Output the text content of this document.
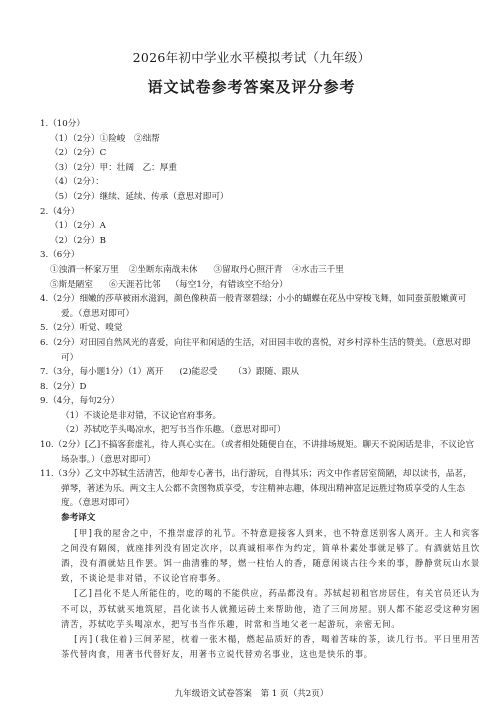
2026年初中学业水平模拟考试（九年级）
语文试卷参考答案及评分参考
1.（10分）
（1）（2分）①险峻　②绌帮
（2）（2分）C
（3）（2分）甲：壮阔　乙：厚重
（4）（2分）：
（5）（2分）继续、延续、传承（意思对即可）
2.（4分）
（1）（2分）A
（2）（2分）B
3.（6分）
①浊酒一杯家万里 ②坐断东南战未休 ③留取丹心照汗青 ④水击三千里
⑤斯是陋室 ⑥天涯若比邻 （每空1分，有错该空不给分）
4.（2分）细嫩的莎草被雨水滋润，颜色像秧苗一般青翠碧绿；小小的蝴蝶在花丛中穿梭飞舞，如同蚕茧般嫩黄可爱。（意思对即可）
5.（2分）听觉、嗅觉
6.（2分）对田园自然风光的喜爱，向往平和闲适的生活，对田园丰收的喜悦，对乡村淳朴生活的赞美。（意思对即可）
7.（3分，每小题1分）（1）离开 (2)能忍受 （3）跟随、跟从
8.（2分）D
9.（4分，每句2分）
（1）不谈论是非对错，不议论官府事务。
（2）苏轼吃芋头喝凉水，把写书当作乐趣。（意思对即可）
10.（2分）[乙]不搞客套虚礼，待人真心实在。（或者相处随便自在，不讲排场规矩。聊天不说闲话是非，不议论官场杂事。）（意思对即可）
11.（3分）乙文中苏轼生活清苦，他却专心著书，出行游玩，自得其乐；丙文中作者居室简陋，却以读书，品茗，弹琴，著述为乐。两文主人公都不贪图物质享受，专注精神志趣，体现出精神富足远胜过物质享受的人生态度。（意思对即可）
参考译文
[甲]我的屋舍之中，不推崇虚浮的礼节。不特意迎接客人到来，也不特意送别客人离开。主人和宾客之间没有隔阂，就座排列没有固定次序，以真诚相率作为约定，简单朴素处事就足够了。有酒就姑且饮酒，没有酒就姑且作罢。饵一曲清雅的琴，燃一柱怡人的香，随意闲谈古往今来的事，静静赏玩山水景致，不谈论是非对错，不议论官府事务。
[乙]昌化不是人所能住的，吃的喝的不能供应，药品都没有。苏轼起初租官房居住，有关官员还认为不可以，苏轼就买地筑屋，昌化读书人就搬运砖土来帮助他，造了三间房屋。别人都不能忍受这种穷困清苦，苏轼吃芋头喝凉水，把写书当作乐趣，时常和当地父老一起游玩，亲密无间。
[丙](我住着)三间茅屋，枕着一张木榻，燃起品质好的香，喝着苦味的茶，读几行书。平日里用苦茶代替肉食，用著书代替好友，用著书立说代替劝名事业，这也是快乐的事。
九年级语文试卷答案　第 1 页（共2页）
